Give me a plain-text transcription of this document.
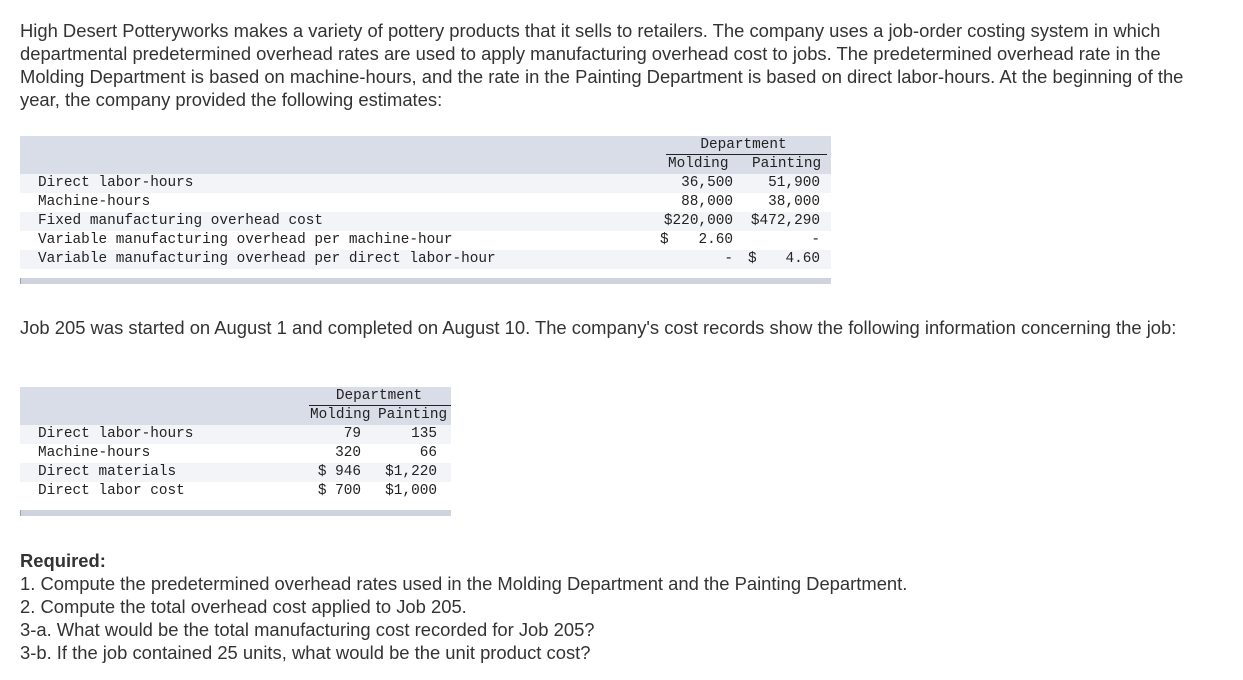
High Desert Potteryworks makes a variety of pottery products that it sells to retailers. The company uses a job-order costing system in which departmental predetermined overhead rates are used to apply manufacturing overhead cost to jobs. The predetermined overhead rate in the Molding Department is based on machine-hours, and the rate in the Painting Department is based on direct labor-hours. At the beginning of the year, the company provided the following estimates:

Department
Molding Painting
Direct labor-hours	36,500	51,900
Machine-hours	88,000	38,000
Fixed manufacturing overhead cost	$220,000	$472,290
Variable manufacturing overhead per machine-hour	$	2.60	-
Variable manufacturing overhead per direct labor-hour	- $	4.60

Job 205 was started on August 1 and completed on August 10. The company's cost records show the following information concerning the job:

Department
Molding Painting
Direct labor-hours	79	135
Machine-hours	320	66
Direct materials	$ 946	$1,220
Direct labor cost	$ 700	$1,000
Required:
1. Compute the predetermined overhead rates used in the Molding Department and the Painting Department.
2. Compute the total overhead cost applied to Job 205.
3-a. What would be the total manufacturing cost recorded for Job 205?
3-b. If the job contained 25 units, what would be the unit product cost?
